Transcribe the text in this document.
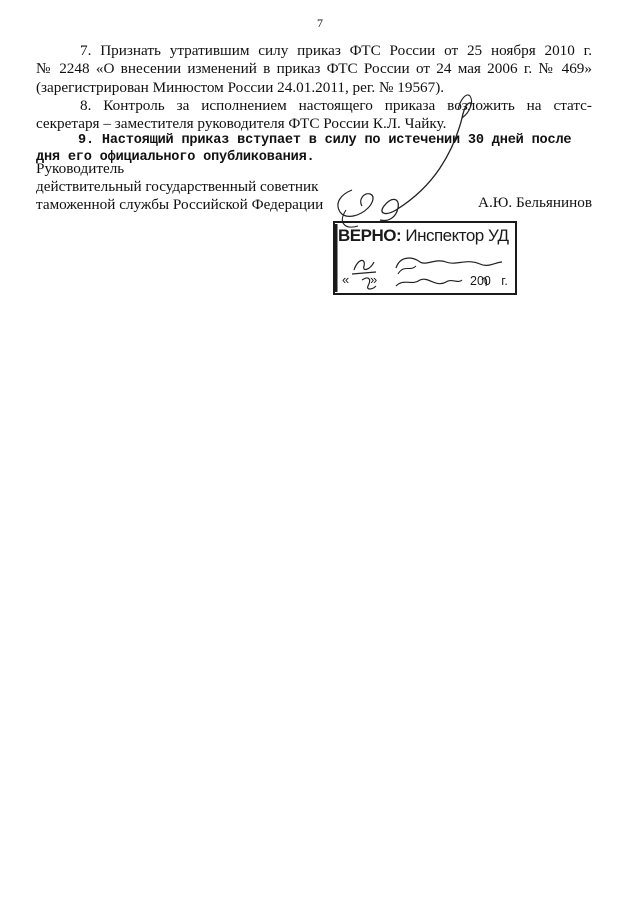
7
7. Признать утратившим силу приказ ФТС России от 25 ноября 2010 г.
№ 2248 «О внесении изменений в приказ ФТС России от 24 мая 2006 г. № 469»
(зарегистрирован Минюстом России 24.01.2011, рег. № 19567).
8. Контроль за исполнением настоящего приказа возложить на статс-
секретаря – заместителя руководителя ФТС России К.Л. Чайку.
9. Настоящий приказ вступает в силу по истечении 30 дней после
дня его официального опубликования.
Руководитель
действительный государственный советник
таможенной службы Российской Федерации	А.Ю. Бельянинов
ВЕРНО: Инспектор УД
« »	200 г.
